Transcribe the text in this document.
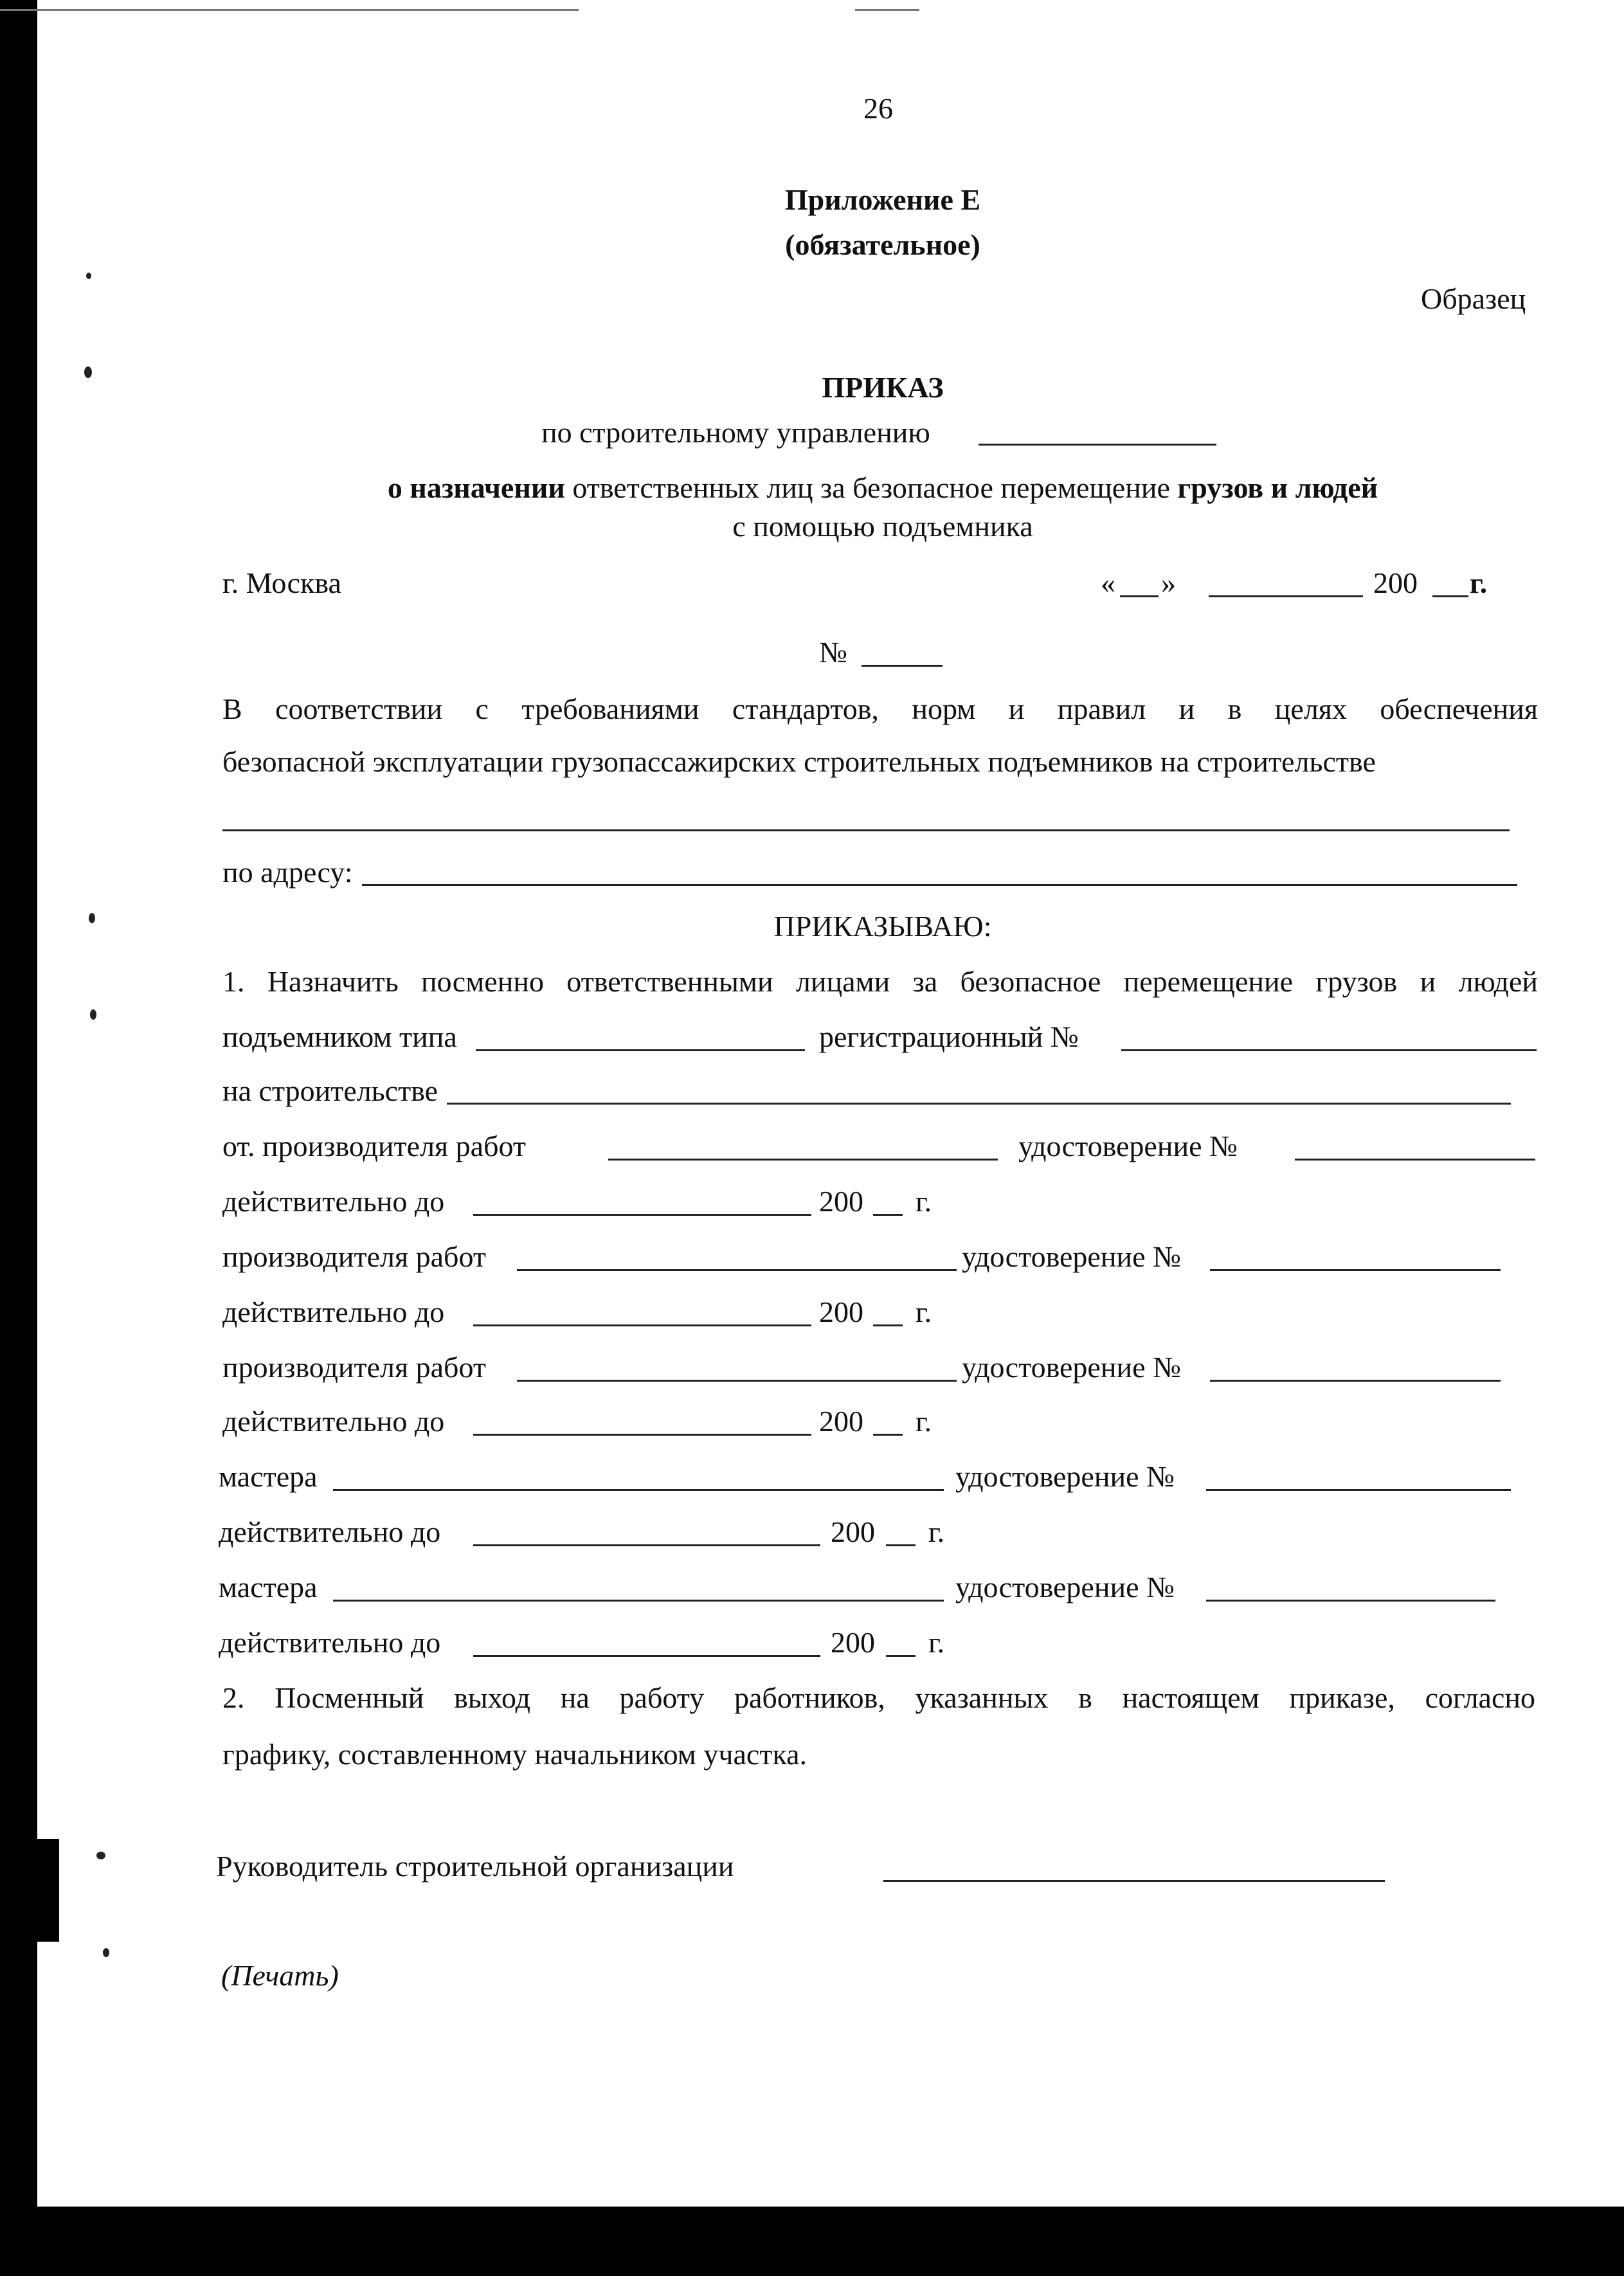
26
Приложение Е
(обязательное)
Образец
ПРИКАЗ
по строительному управлению
о назначении ответственных лиц за безопасное перемещение грузов и людей
с помощью подъемника
г. Москва	« »	200 г.
№
В соответствии с требованиями стандартов, норм и правил и в целях обеспечения
безопасной эксплуатации грузопассажирских строительных подъемников на строительстве
по адресу:
ПРИКАЗЫВАЮ:
1. Назначить посменно ответственными лицами за безопасное перемещение грузов и людей
подъемником типа	регистрационный №
на строительстве
от. производителя работ	удостоверение №
действительно до	200 г.
производителя работ	удостоверение №
действительно до	200 г.
производителя работ	удостоверение №
действительно до	200 г.
мастера	удостоверение №
действительно до	200 г.
мастера	удостоверение №
действительно до	200 г.
2. Посменный выход на работу работников, указанных в настоящем приказе, согласно
графику, составленному начальником участка.
Руководитель строительной организации
(Печать)
